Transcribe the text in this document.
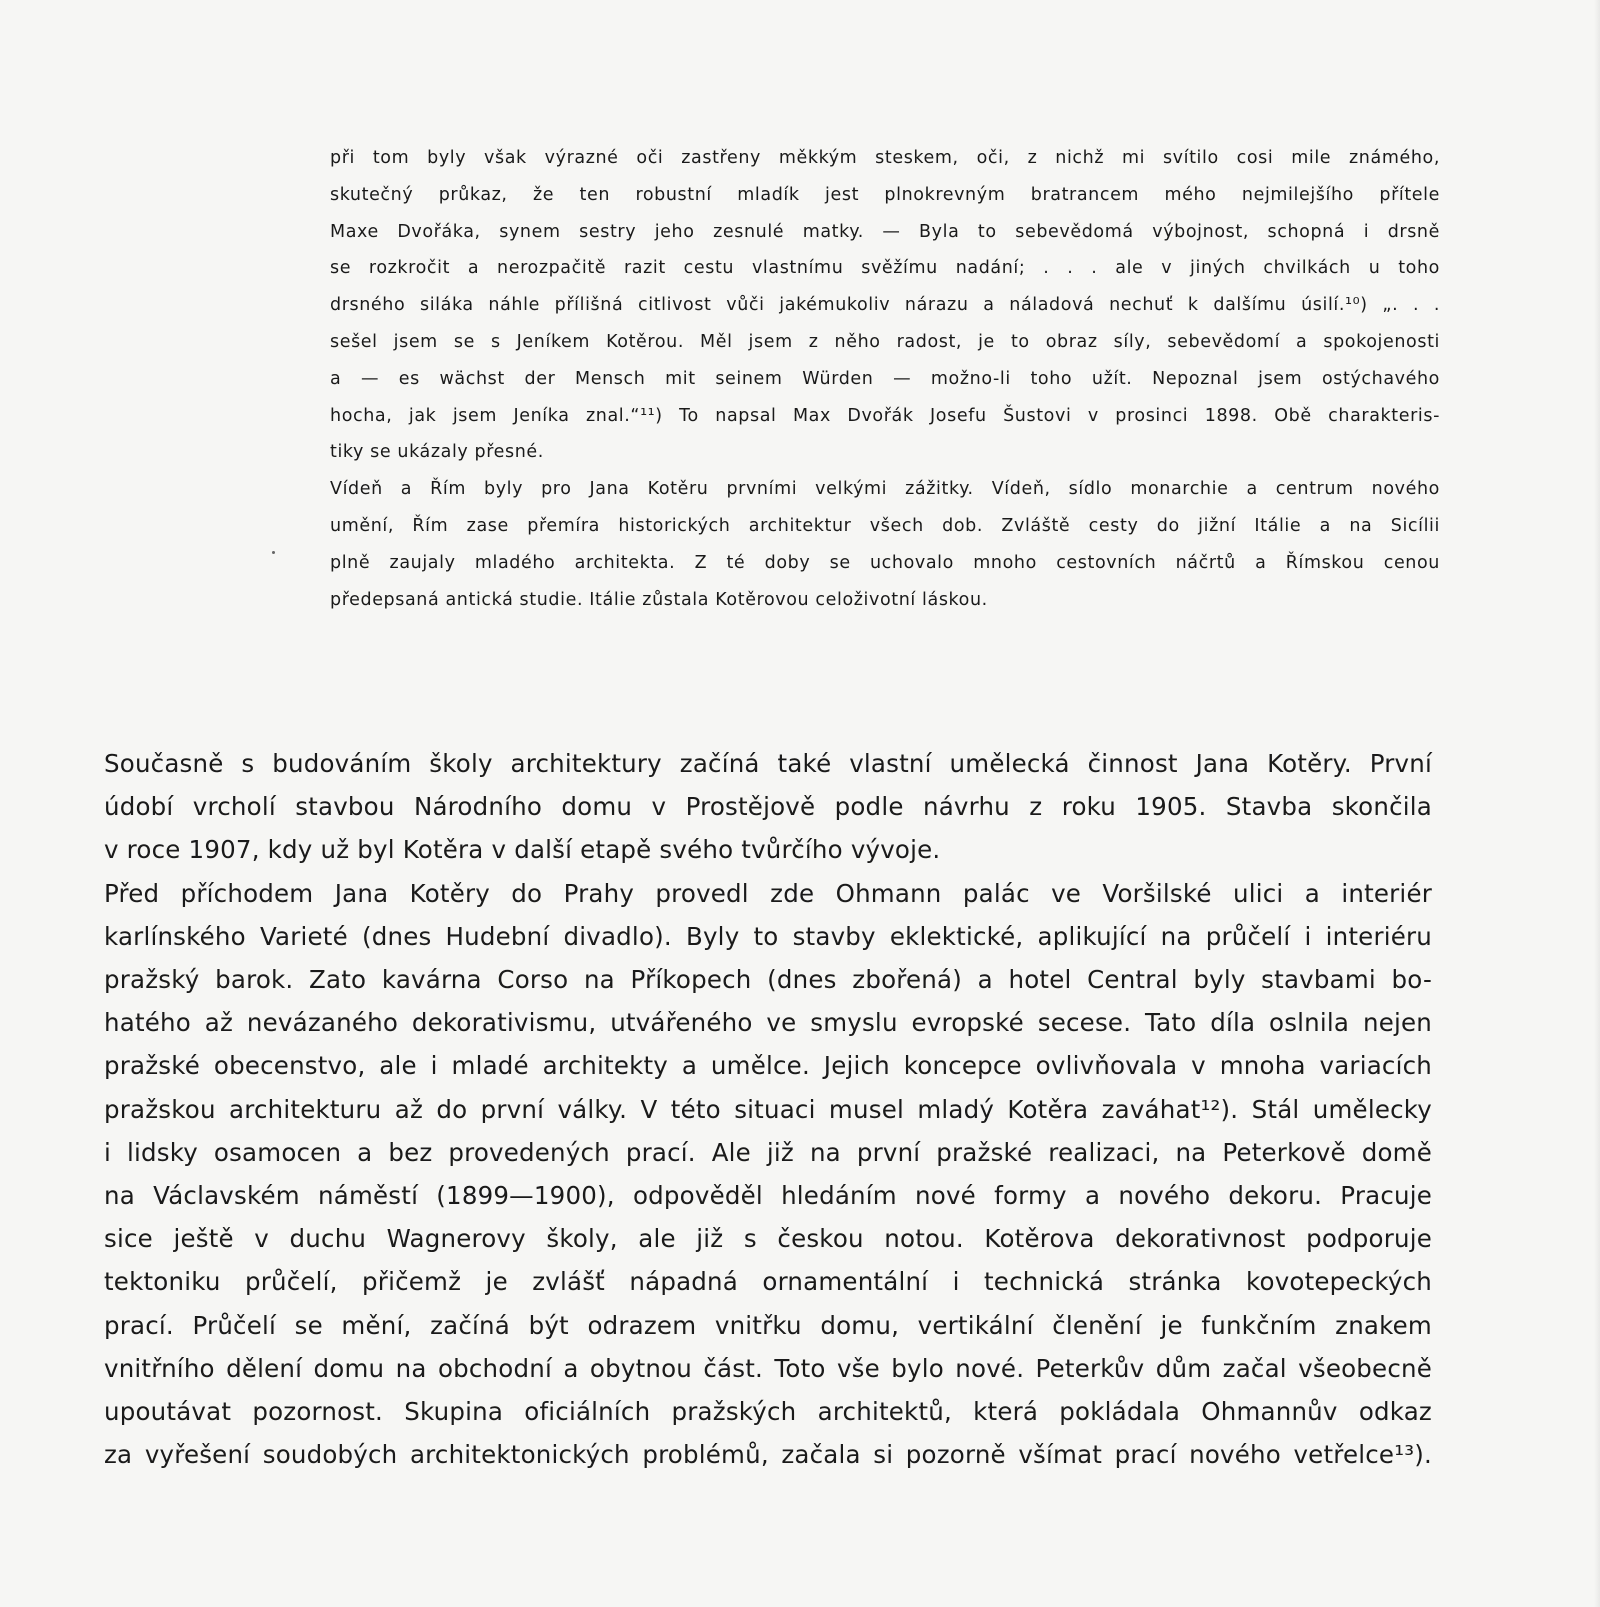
při tom byly však výrazné oči zastřeny měkkým steskem, oči, z nichž mi svítilo cosi mile známého,
skutečný průkaz, že ten robustní mladík jest plnokrevným bratrancem mého nejmilejšího přítele
Maxe Dvořáka, synem sestry jeho zesnulé matky. — Byla to sebevědomá výbojnost, schopná i drsně
se rozkročit a nerozpačitě razit cestu vlastnímu svěžímu nadání; . . . ale v jiných chvilkách u toho
drsného siláka náhle přílišná citlivost vůči jakémukoliv nárazu a náladová nechuť k dalšímu úsilí.¹⁰) „. . .
sešel jsem se s Jeníkem Kotěrou. Měl jsem z něho radost, je to obraz síly, sebevědomí a spokojenosti
a — es wächst der Mensch mit seinem Würden — možno-li toho užít. Nepoznal jsem ostýchavého
hocha, jak jsem Jeníka znal.“¹¹) To napsal Max Dvořák Josefu Šustovi v prosinci 1898. Obě charakteris-
tiky se ukázaly přesné.
Vídeň a Řím byly pro Jana Kotěru prvními velkými zážitky. Vídeň, sídlo monarchie a centrum nového
umění, Řím zase přemíra historických architektur všech dob. Zvláště cesty do jižní Itálie a na Sicílii
plně zaujaly mladého architekta. Z té doby se uchovalo mnoho cestovních náčrtů a Římskou cenou
předepsaná antická studie. Itálie zůstala Kotěrovou celoživotní láskou.
Současně s budováním školy architektury začíná také vlastní umělecká činnost Jana Kotěry. První
údobí vrcholí stavbou Národního domu v Prostějově podle návrhu z roku 1905. Stavba skončila
v roce 1907, kdy už byl Kotěra v další etapě svého tvůrčího vývoje.
Před příchodem Jana Kotěry do Prahy provedl zde Ohmann palác ve Voršilské ulici a interiér
karlínského Varieté (dnes Hudební divadlo). Byly to stavby eklektické, aplikující na průčelí i interiéru
pražský barok. Zato kavárna Corso na Příkopech (dnes zbořená) a hotel Central byly stavbami bo-
hatého až nevázaného dekorativismu, utvářeného ve smyslu evropské secese. Tato díla oslnila nejen
pražské obecenstvo, ale i mladé architekty a umělce. Jejich koncepce ovlivňovala v mnoha variacích
pražskou architekturu až do první války. V této situaci musel mladý Kotěra zaváhat¹²). Stál umělecky
i lidsky osamocen a bez provedených prací. Ale již na první pražské realizaci, na Peterkově domě
na Václavském náměstí (1899—1900), odpověděl hledáním nové formy a nového dekoru. Pracuje
sice ještě v duchu Wagnerovy školy, ale již s českou notou. Kotěrova dekorativnost podporuje
tektoniku průčelí, přičemž je zvlášť nápadná ornamentální i technická stránka kovotepeckých
prací. Průčelí se mění, začíná být odrazem vnitřku domu, vertikální členění je funkčním znakem
vnitřního dělení domu na obchodní a obytnou část. Toto vše bylo nové. Peterkův dům začal všeobecně
upoutávat pozornost. Skupina oficiálních pražských architektů, která pokládala Ohmannův odkaz
za vyřešení soudobých architektonických problémů, začala si pozorně všímat prací nového vetřelce¹³).
